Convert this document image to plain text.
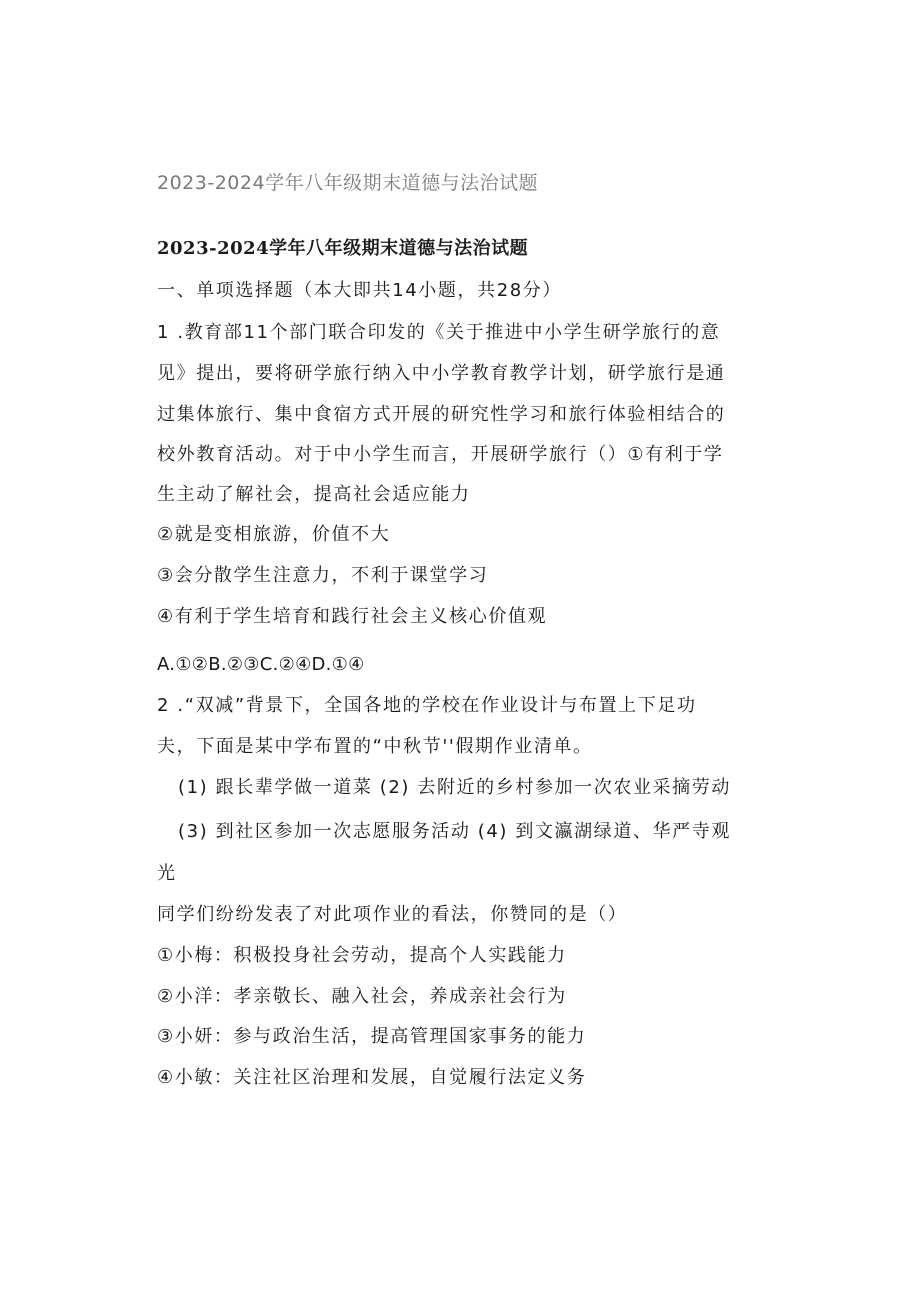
2023-2024学年八年级期末道德与法治试题
2023-2024学年八年级期末道德与法治试题
一、单项选择题（本大即共14小题，共28分）
1 .教育部11个部门联合印发的《关于推进中小学生研学旅行的意
见》提出，要将研学旅行纳入中小学教育教学计划，研学旅行是通
过集体旅行、集中食宿方式开展的研究性学习和旅行体验相结合的
校外教育活动。对于中小学生而言，开展研学旅行（）①有利于学
生主动了解社会，提高社会适应能力
②就是变相旅游，价值不大
③会分散学生注意力，不利于课堂学习
④有利于学生培育和践行社会主义核心价值观
A.①②B.②③C.②④D.①④
2 .“双减”背景下，全国各地的学校在作业设计与布置上下足功
夫，下面是某中学布置的“中秋节''假期作业清单。
(1) 跟长辈学做一道菜 (2) 去附近的乡村参加一次农业采摘劳动
(3) 到社区参加一次志愿服务活动 (4) 到文瀛湖绿道、华严寺观
光
同学们纷纷发表了对此项作业的看法，你赞同的是（）
①小梅：积极投身社会劳动，提高个人实践能力
②小洋：孝亲敬长、融入社会，养成亲社会行为
③小妍：参与政治生活，提高管理国家事务的能力
④小敏：关注社区治理和发展，自觉履行法定义务
